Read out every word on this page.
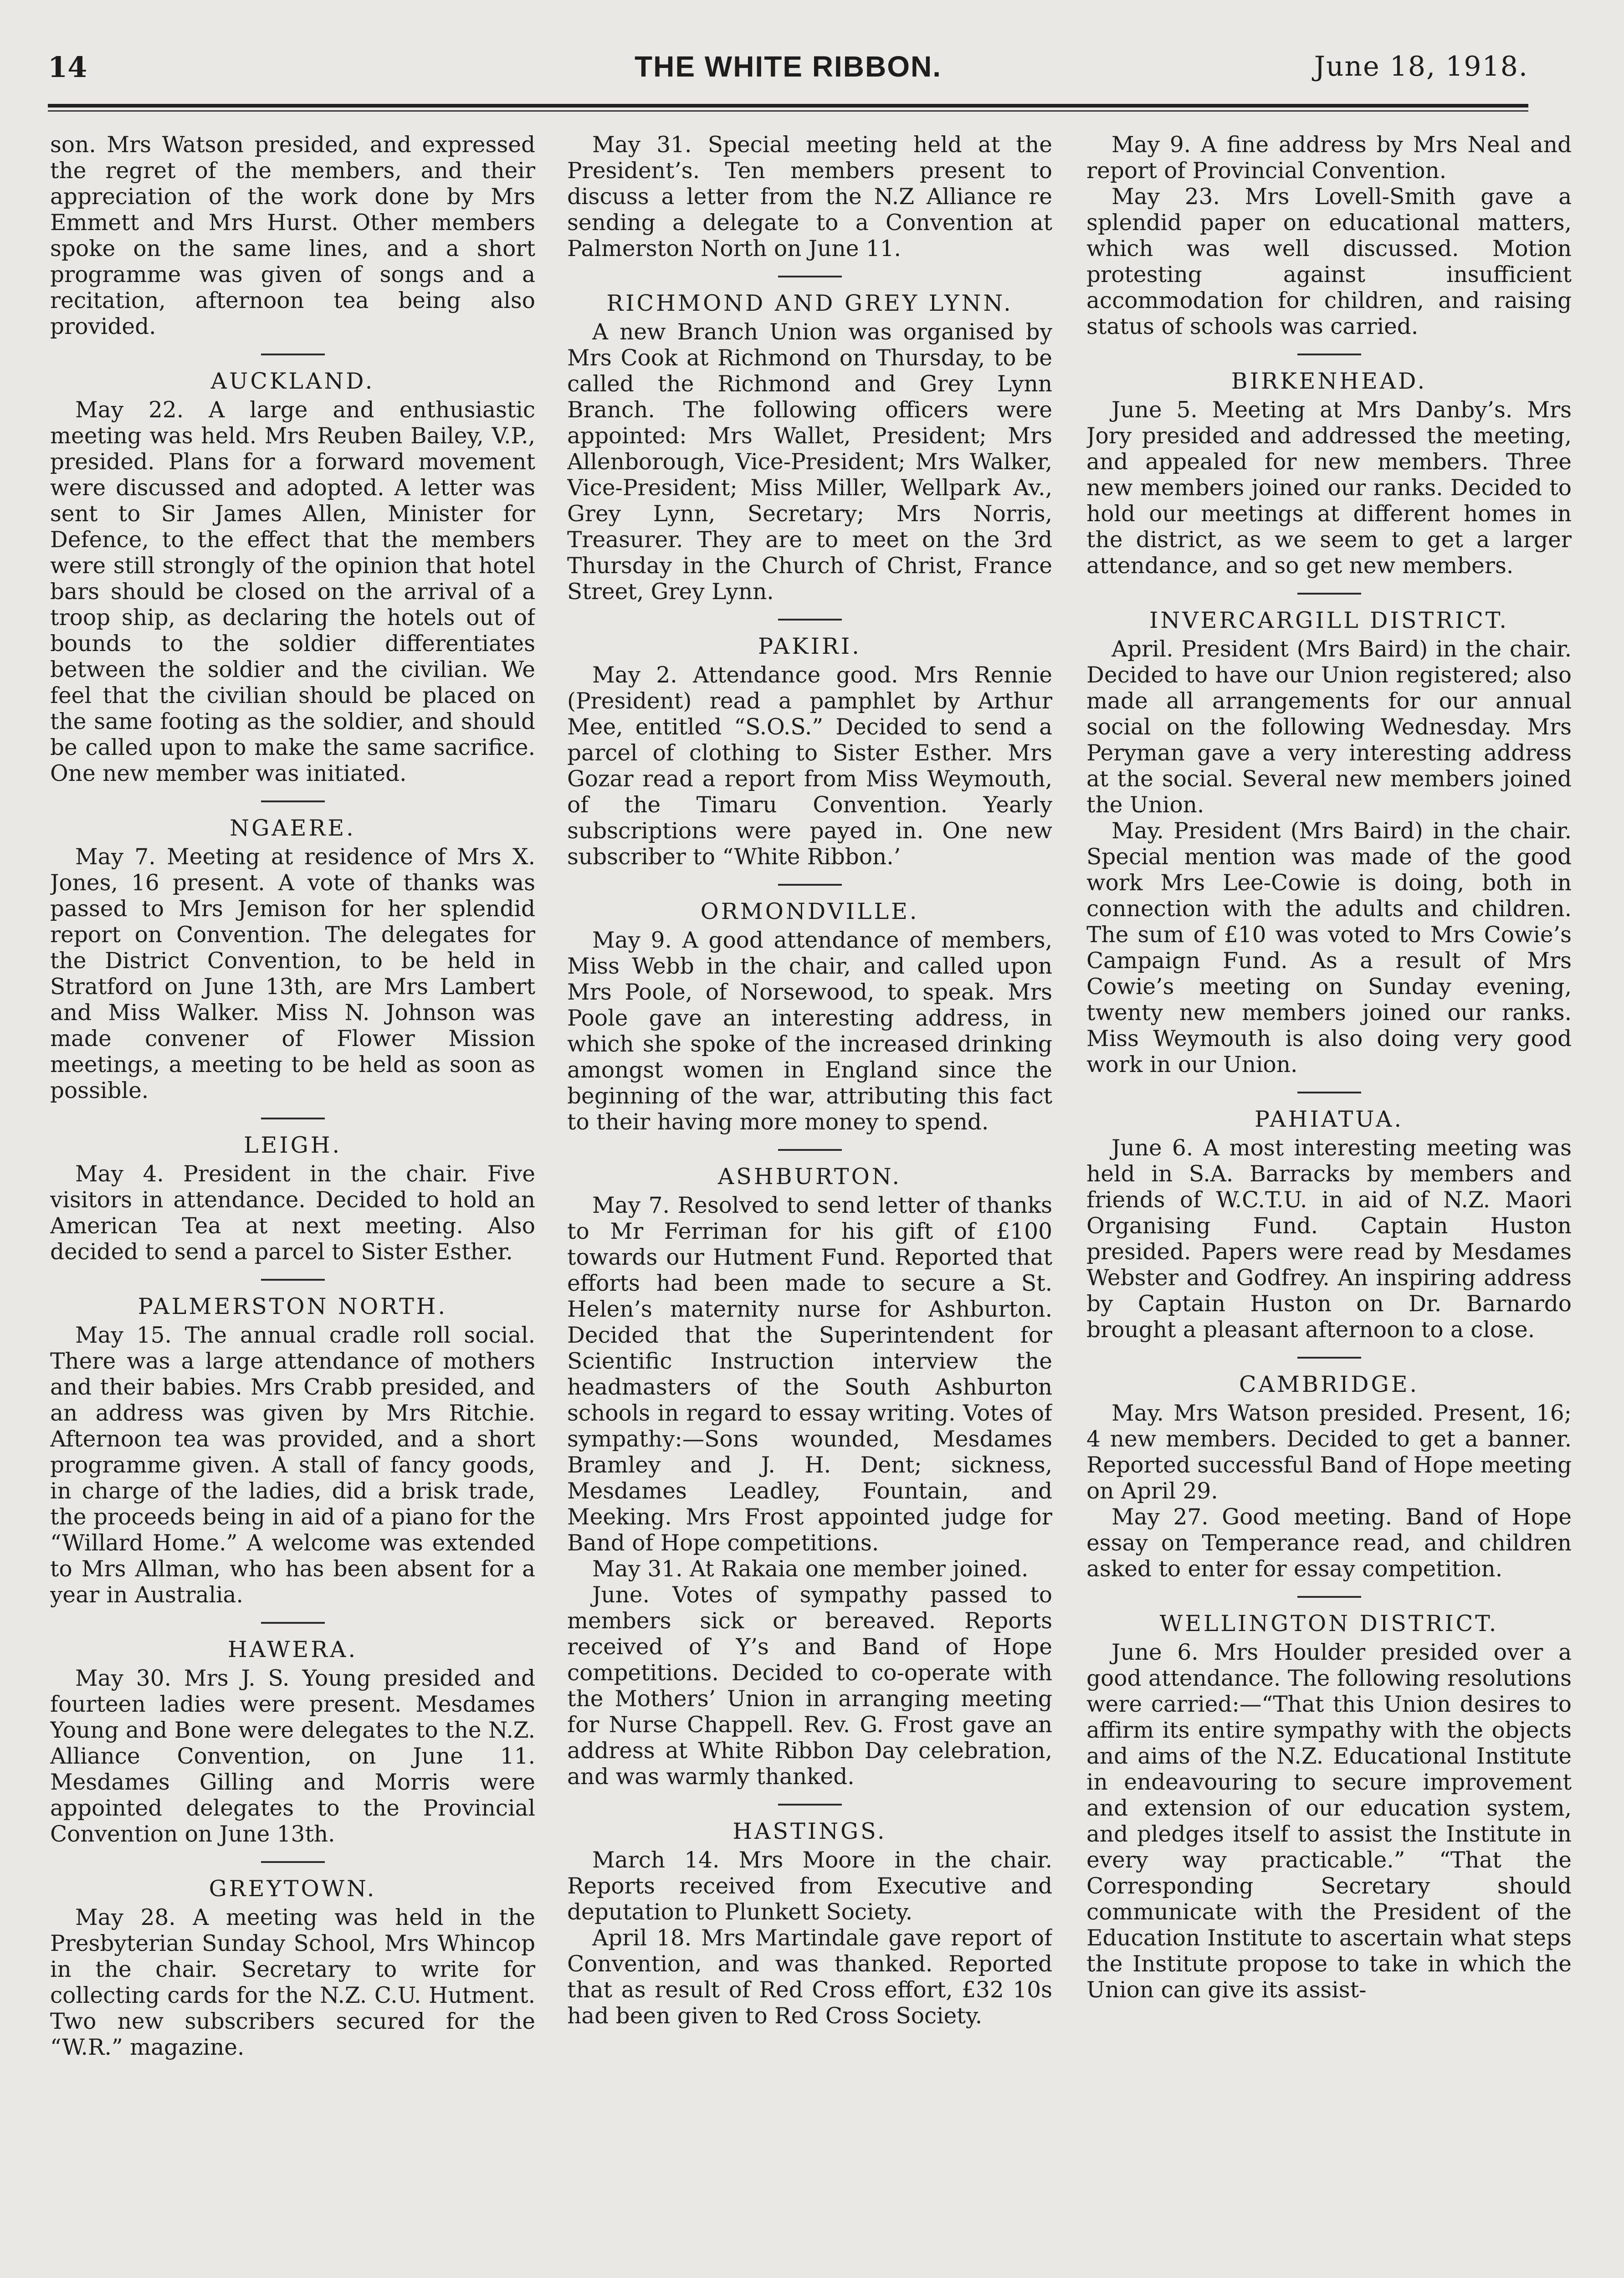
14	THE WHITE RIBBON.	June 18, 1918.

son. Mrs Watson presided, and expressed the regret of the members, and their appreciation of the work done by Mrs Emmett and Mrs Hurst. Other members spoke on the same lines, and a short programme was given of songs and a recitation, afternoon tea being also provided.

AUCKLAND.

May 22. A large and enthusiastic meeting was held. Mrs Reuben Bailey, V.P., presided. Plans for a forward movement were discussed and adopted. A letter was sent to Sir James Allen, Minister for Defence, to the effect that the members were still strongly of the opinion that hotel bars should be closed on the arrival of a troop ship, as declaring the hotels out of bounds to the soldier differentiates between the soldier and the civilian. We feel that the civilian should be placed on the same footing as the soldier, and should be called upon to make the same sacrifice. One new member was initiated.

NGAERE.

May 7. Meeting at residence of Mrs X. Jones, 16 present. A vote of thanks was passed to Mrs Jemison for her splendid report on Convention. The delegates for the District Convention, to be held in Stratford on June 13th, are Mrs Lambert and Miss Walker. Miss N. Johnson was made convener of Flower Mission meetings, a meeting to be held as soon as possible.

LEIGH.

May 4. President in the chair. Five visitors in attendance. Decided to hold an American Tea at next meeting. Also decided to send a parcel to Sister Esther.

PALMERSTON NORTH.

May 15. The annual cradle roll social. There was a large attendance of mothers and their babies. Mrs Crabb presided, and an address was given by Mrs Ritchie. Afternoon tea was provided, and a short programme given. A stall of fancy goods, in charge of the ladies, did a brisk trade, the proceeds being in aid of a piano for the “Willard Home.” A welcome was extended to Mrs Allman, who has been absent for a year in Australia.

HAWERA.

May 30. Mrs J. S. Young presided and fourteen ladies were present. Mesdames Young and Bone were delegates to the N.Z. Alliance Convention, on June 11. Mesdames Gilling and Morris were appointed delegates to the Provincial Convention on June 13th.

GREYTOWN.

May 28. A meeting was held in the Presbyterian Sunday School, Mrs Whincop in the chair. Secretary to write for collecting cards for the N.Z. C.U. Hutment. Two new subscribers secured for the “W.R.” magazine.

May 31. Special meeting held at the President’s. Ten members present to discuss a letter from the N.Z Alliance re sending a delegate to a Convention at Palmerston North on June 11.

RICHMOND AND GREY LYNN.

A new Branch Union was organised by Mrs Cook at Richmond on Thursday, to be called the Richmond and Grey Lynn Branch. The following officers were appointed: Mrs Wallet, President; Mrs Allenborough, Vice-President; Mrs Walker, Vice-President; Miss Miller, Wellpark Av., Grey Lynn, Secretary; Mrs Norris, Treasurer. They are to meet on the 3rd Thursday in the Church of Christ, France Street, Grey Lynn.

PAKIRI.

May 2. Attendance good. Mrs Rennie (President) read a pamphlet by Arthur Mee, entitled “S.O.S.” Decided to send a parcel of clothing to Sister Esther. Mrs Gozar read a report from Miss Weymouth, of the Timaru Convention. Yearly subscriptions were payed in. One new subscriber to “White Ribbon.’

ORMONDVILLE.

May 9. A good attendance of members, Miss Webb in the chair, and called upon Mrs Poole, of Norsewood, to speak. Mrs Poole gave an interesting address, in which she spoke of the increased drinking amongst women in England since the beginning of the war, attributing this fact to their having more money to spend.

ASHBURTON.

May 7. Resolved to send letter of thanks to Mr Ferriman for his gift of £100 towards our Hutment Fund. Reported that efforts had been made to secure a St. Helen’s maternity nurse for Ashburton. Decided that the Superintendent for Scientific Instruction interview the headmasters of the South Ashburton schools in regard to essay writing. Votes of sympathy:—Sons wounded, Mesdames Bramley and J. H. Dent; sickness, Mesdames Leadley, Fountain, and Meeking. Mrs Frost appointed judge for Band of Hope competitions.

May 31. At Rakaia one member joined.

June. Votes of sympathy passed to members sick or bereaved. Reports received of Y’s and Band of Hope competitions. Decided to co-operate with the Mothers’ Union in arranging meeting for Nurse Chappell. Rev. G. Frost gave an address at White Ribbon Day celebration, and was warmly thanked.

HASTINGS.

March 14. Mrs Moore in the chair. Reports received from Executive and deputation to Plunkett Society.

April 18. Mrs Martindale gave report of Convention, and was thanked. Reported that as result of Red Cross effort, £32 10s had been given to Red Cross Society.

May 9. A fine address by Mrs Neal and report of Provincial Convention.

May 23. Mrs Lovell-Smith gave a splendid paper on educational matters, which was well discussed. Motion protesting against insufficient accommodation for children, and raising status of schools was carried.

BIRKENHEAD.

June 5. Meeting at Mrs Danby’s. Mrs Jory presided and addressed the meeting, and appealed for new members. Three new members joined our ranks. Decided to hold our meetings at different homes in the district, as we seem to get a larger attendance, and so get new members.

INVERCARGILL DISTRICT.

April. President (Mrs Baird) in the chair. Decided to have our Union registered; also made all arrangements for our annual social on the following Wednesday. Mrs Peryman gave a very interesting address at the social. Several new members joined the Union.

May. President (Mrs Baird) in the chair. Special mention was made of the good work Mrs Lee-Cowie is doing, both in connection with the adults and children. The sum of £10 was voted to Mrs Cowie’s Campaign Fund. As a result of Mrs Cowie’s meeting on Sunday evening, twenty new members joined our ranks. Miss Weymouth is also doing very good work in our Union.

PAHIATUA.

June 6. A most interesting meeting was held in S.A. Barracks by members and friends of W.C.T.U. in aid of N.Z. Maori Organising Fund. Captain Huston presided. Papers were read by Mesdames Webster and Godfrey. An inspiring address by Captain Huston on Dr. Barnardo brought a pleasant afternoon to a close.

CAMBRIDGE.

May. Mrs Watson presided. Present, 16; 4 new members. Decided to get a banner. Reported successful Band of Hope meeting on April 29.

May 27. Good meeting. Band of Hope essay on Temperance read, and children asked to enter for essay competition.

WELLINGTON DISTRICT.

June 6. Mrs Houlder presided over a good attendance. The following resolutions were carried:—“That this Union desires to affirm its entire sympathy with the objects and aims of the N.Z. Educational Institute in endeavouring to secure improvement and extension of our education system, and pledges itself to assist the Institute in every way practicable.” “That the Corresponding Secretary should communicate with the President of the Education Institute to ascertain what steps the Institute propose to take in which the Union can give its assist-
